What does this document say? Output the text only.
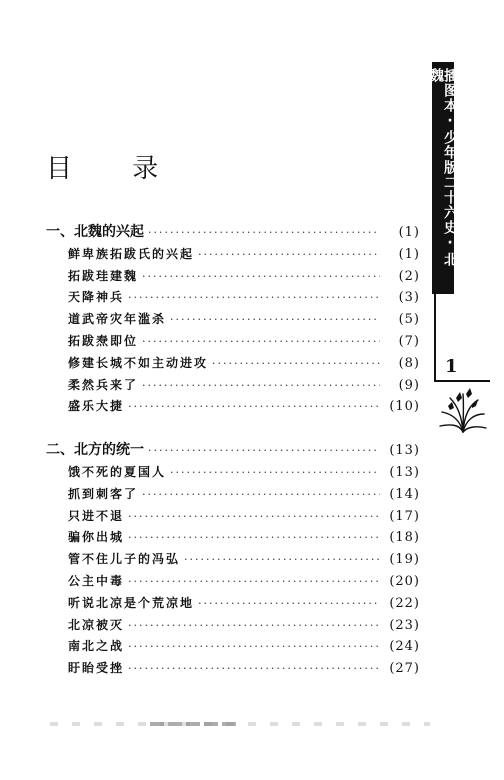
插图本·少年版二十六史·北 魏
1
目 录
一、北魏的兴起 ·····	(1)
鲜卑族拓跋氏的兴起 ·····	(1)
拓跋珪建魏 ·····	(2)
天降神兵 ·····	(3)
道武帝灾年滥杀 ·····	(5)
拓跋焘即位 ·····	(7)
修建长城不如主动进攻 ·····	(8)
柔然兵来了 ·····	(9)
盛乐大捷 ·····	(10)
二、北方的统一 ·····	(13)
饿不死的夏国人 ·····	(13)
抓到刺客了 ·····	(14)
只进不退 ·····	(17)
骗你出城 ·····	(18)
管不住儿子的冯弘 ·····	(19)
公主中毒 ·····	(20)
听说北凉是个荒凉地 ·····	(22)
北凉被灭 ·····	(23)
南北之战 ·····	(24)
盱眙受挫 ·····	(27)
